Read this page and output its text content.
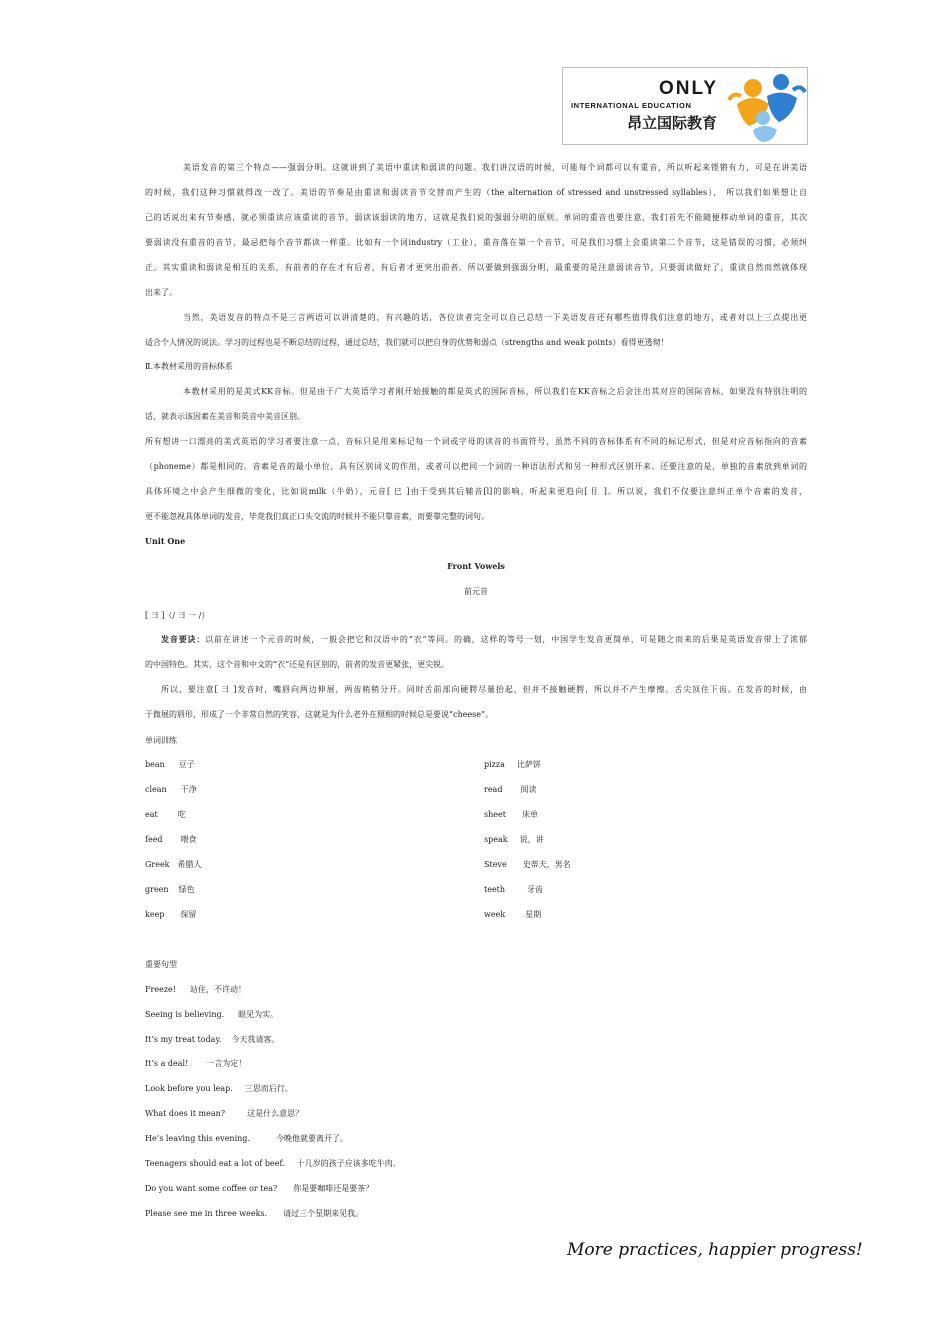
ONLY
INTERNATIONAL EDUCATION
昂立国际教育
美语发音的第三个特点——强弱分明。这就讲到了美语中重读和弱读的问题。我们讲汉语的时候，可能每个词都可以有重音，所以听起来铿锵有力，可是在讲美语
的时候，我们这种习惯就得改一改了。美语的节奏是由重读和弱读音节交替而产生的（the alternation of stressed and unstressed syllables）， 所以我们如果想让自
己的话说出来有节奏感，就必须重读应该重读的音节，弱读该弱读的地方，这就是我们说的强弱分明的原则。单词的重音也要注意，我们首先不能随便移动单词的重音，其次
要弱读没有重音的音节，最忌把每个音节都读一样重。比如有一个词industry（工业），重音落在第一个音节，可是我们习惯上会重读第二个音节，这是错误的习惯，必须纠
正。其实重读和弱读是相互的关系，有前者的存在才有后者，有后者才更突出前者。所以要做到强弱分明，最重要的是注意弱读音节，只要弱读做好了，重读自然而然就体现
出来了。
当然，美语发音的特点不是三言两语可以讲清楚的，有兴趣的话，各位读者完全可以自己总结一下美语发音还有哪些值得我们注意的地方，或者对以上三点提出更
适合个人情况的说法。学习的过程也是不断总结的过程，通过总结，我们就可以把自身的优势和弱点（strengths and weak points）看得更透彻！
Ⅱ.本教材采用的音标体系
本教材采用的是美式KK音标。但是由于广大英语学习者刚开始接触的都是英式的国际音标，所以我们在KK音标之后会注出其对应的国际音标，如果没有特别注明的
话，就表示该因素在美音和英音中美音区别。
所有想讲一口漂亮的美式英语的学习者要注意一点，音标只是用来标记每一个词或字母的读音的书面符号，虽然不同的音标体系有不同的标记形式，但是对应音标指向的音素
（phoneme）都是相同的。音素是音的最小单位，具有区别词义的作用，或者可以把同一个词的一种语法形式和另一种形式区别开来。还要注意的是，单独的音素放到单词的
具体环境之中会产生细微的变化，比如说milk（牛奶），元音[ ⺒ ]由于受到其后辅音[l]的影响，听起来更趋向[ ⺝ ]。所以说，我们不仅要注意纠正单个音素的发音，
更不能忽视具体单词的发音，毕竟我们真正口头交流的时候并不能只靠音素，而要靠完整的词句。
Unit One
Front Vowels
前元音
[ ⺕ ]（/ ⺕ ⼀ /）
发音要诀：以前在讲述一个元音的时候，一般会把它和汉语中的“衣”等同。的确，这样的等号一划，中国学生发音更简单，可是随之而来的后果是英语发音带上了浓郁
的中国特色。其实，这个音和中文的“衣”还是有区别的，前者的发音更紧张，更尖锐。
所以，要注意[ ⺕ ]发音时，嘴唇向两边伸展，两齿稍稍分开。同时舌前部向硬腭尽量抬起，但并不接触硬腭，所以并不产生摩擦。舌尖顶住下齿。在发音的时候，由
于微展的唇形，形成了一个非常自然的笑容，这就是为什么老外在照相的时候总是要说“cheese”。
单词训练
bean 豆子
clean 干净
eat	吃
feed 喂食
Greek 希腊人
green 绿色
keep 保留
pizza 比萨饼
read 阅读
sheet 床单
speak 说，讲
Steve 史蒂夫，男名
teeth	牙齿
week	星期
重要句型
Freeze! 站住，不许动！
Seeing is believing. 眼见为实。
It’s my treat today. 今天我请客。
It’s a deal! 一言为定！
Look before you leap. 三思而后行。
What does it mean?	这是什么意思？
He’s leaving this evening.	今晚他就要离开了。
Teenagers should eat a lot of beef. 十几岁的孩子应该多吃牛肉。
Do you want some coffee or tea? 你是要咖啡还是要茶？
Please see me in three weeks. 请过三个星期来见我。
More practices, happier progress!
